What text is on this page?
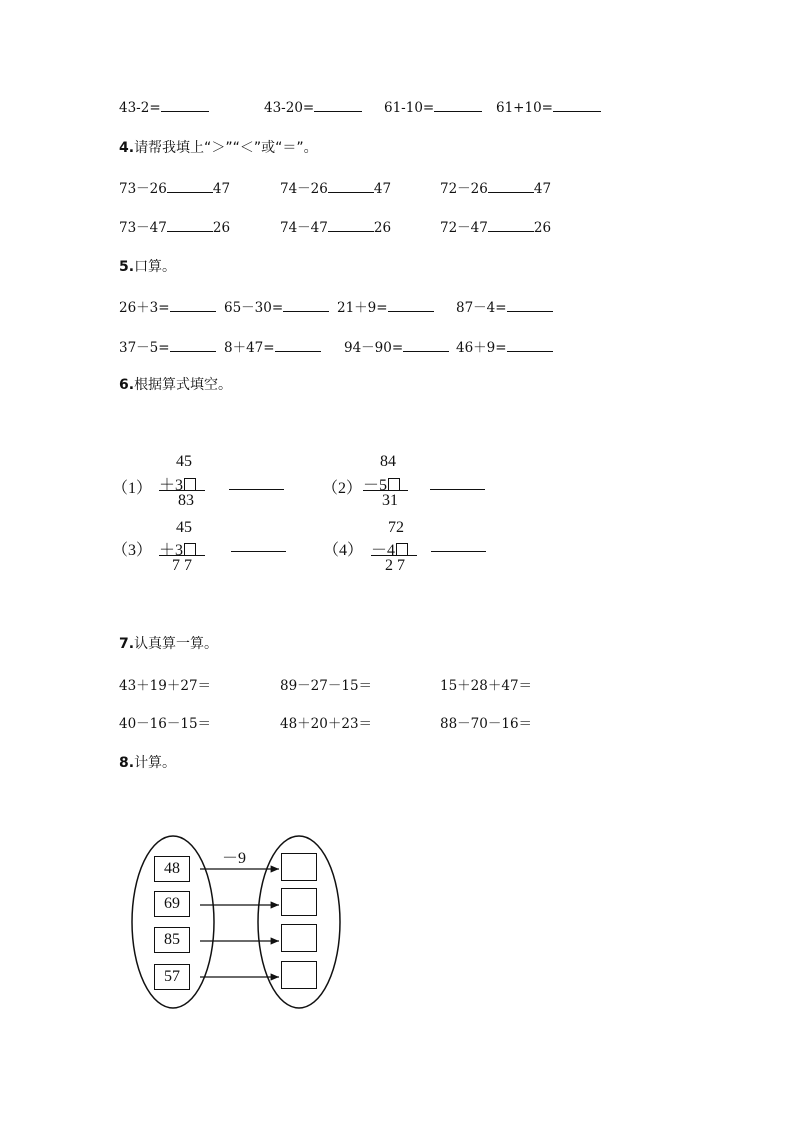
43-2=	43-20=	61-10=	61+10=
4.请帮我填上“＞”“＜”或“＝”。
73－26	47	74－26	47	72－26	47
73－47	26	74－47	26	72－47	26
5.口算。
26＋3=	65－30=	21＋9=	87－4=
37－5=	8＋47=	94－90=	46＋9=
6.根据算式填空。
（1）
45
＋3
83
（2）
84
－5
31
（3）
45
＋3
7 7
（4）
72
－4
2 7
7.认真算一算。
43＋19＋27＝	89－27－15＝	15＋28＋47＝
40－16－15＝	48＋20＋23＝	88－70－16＝
8.计算。
－9
48
69
85
57
